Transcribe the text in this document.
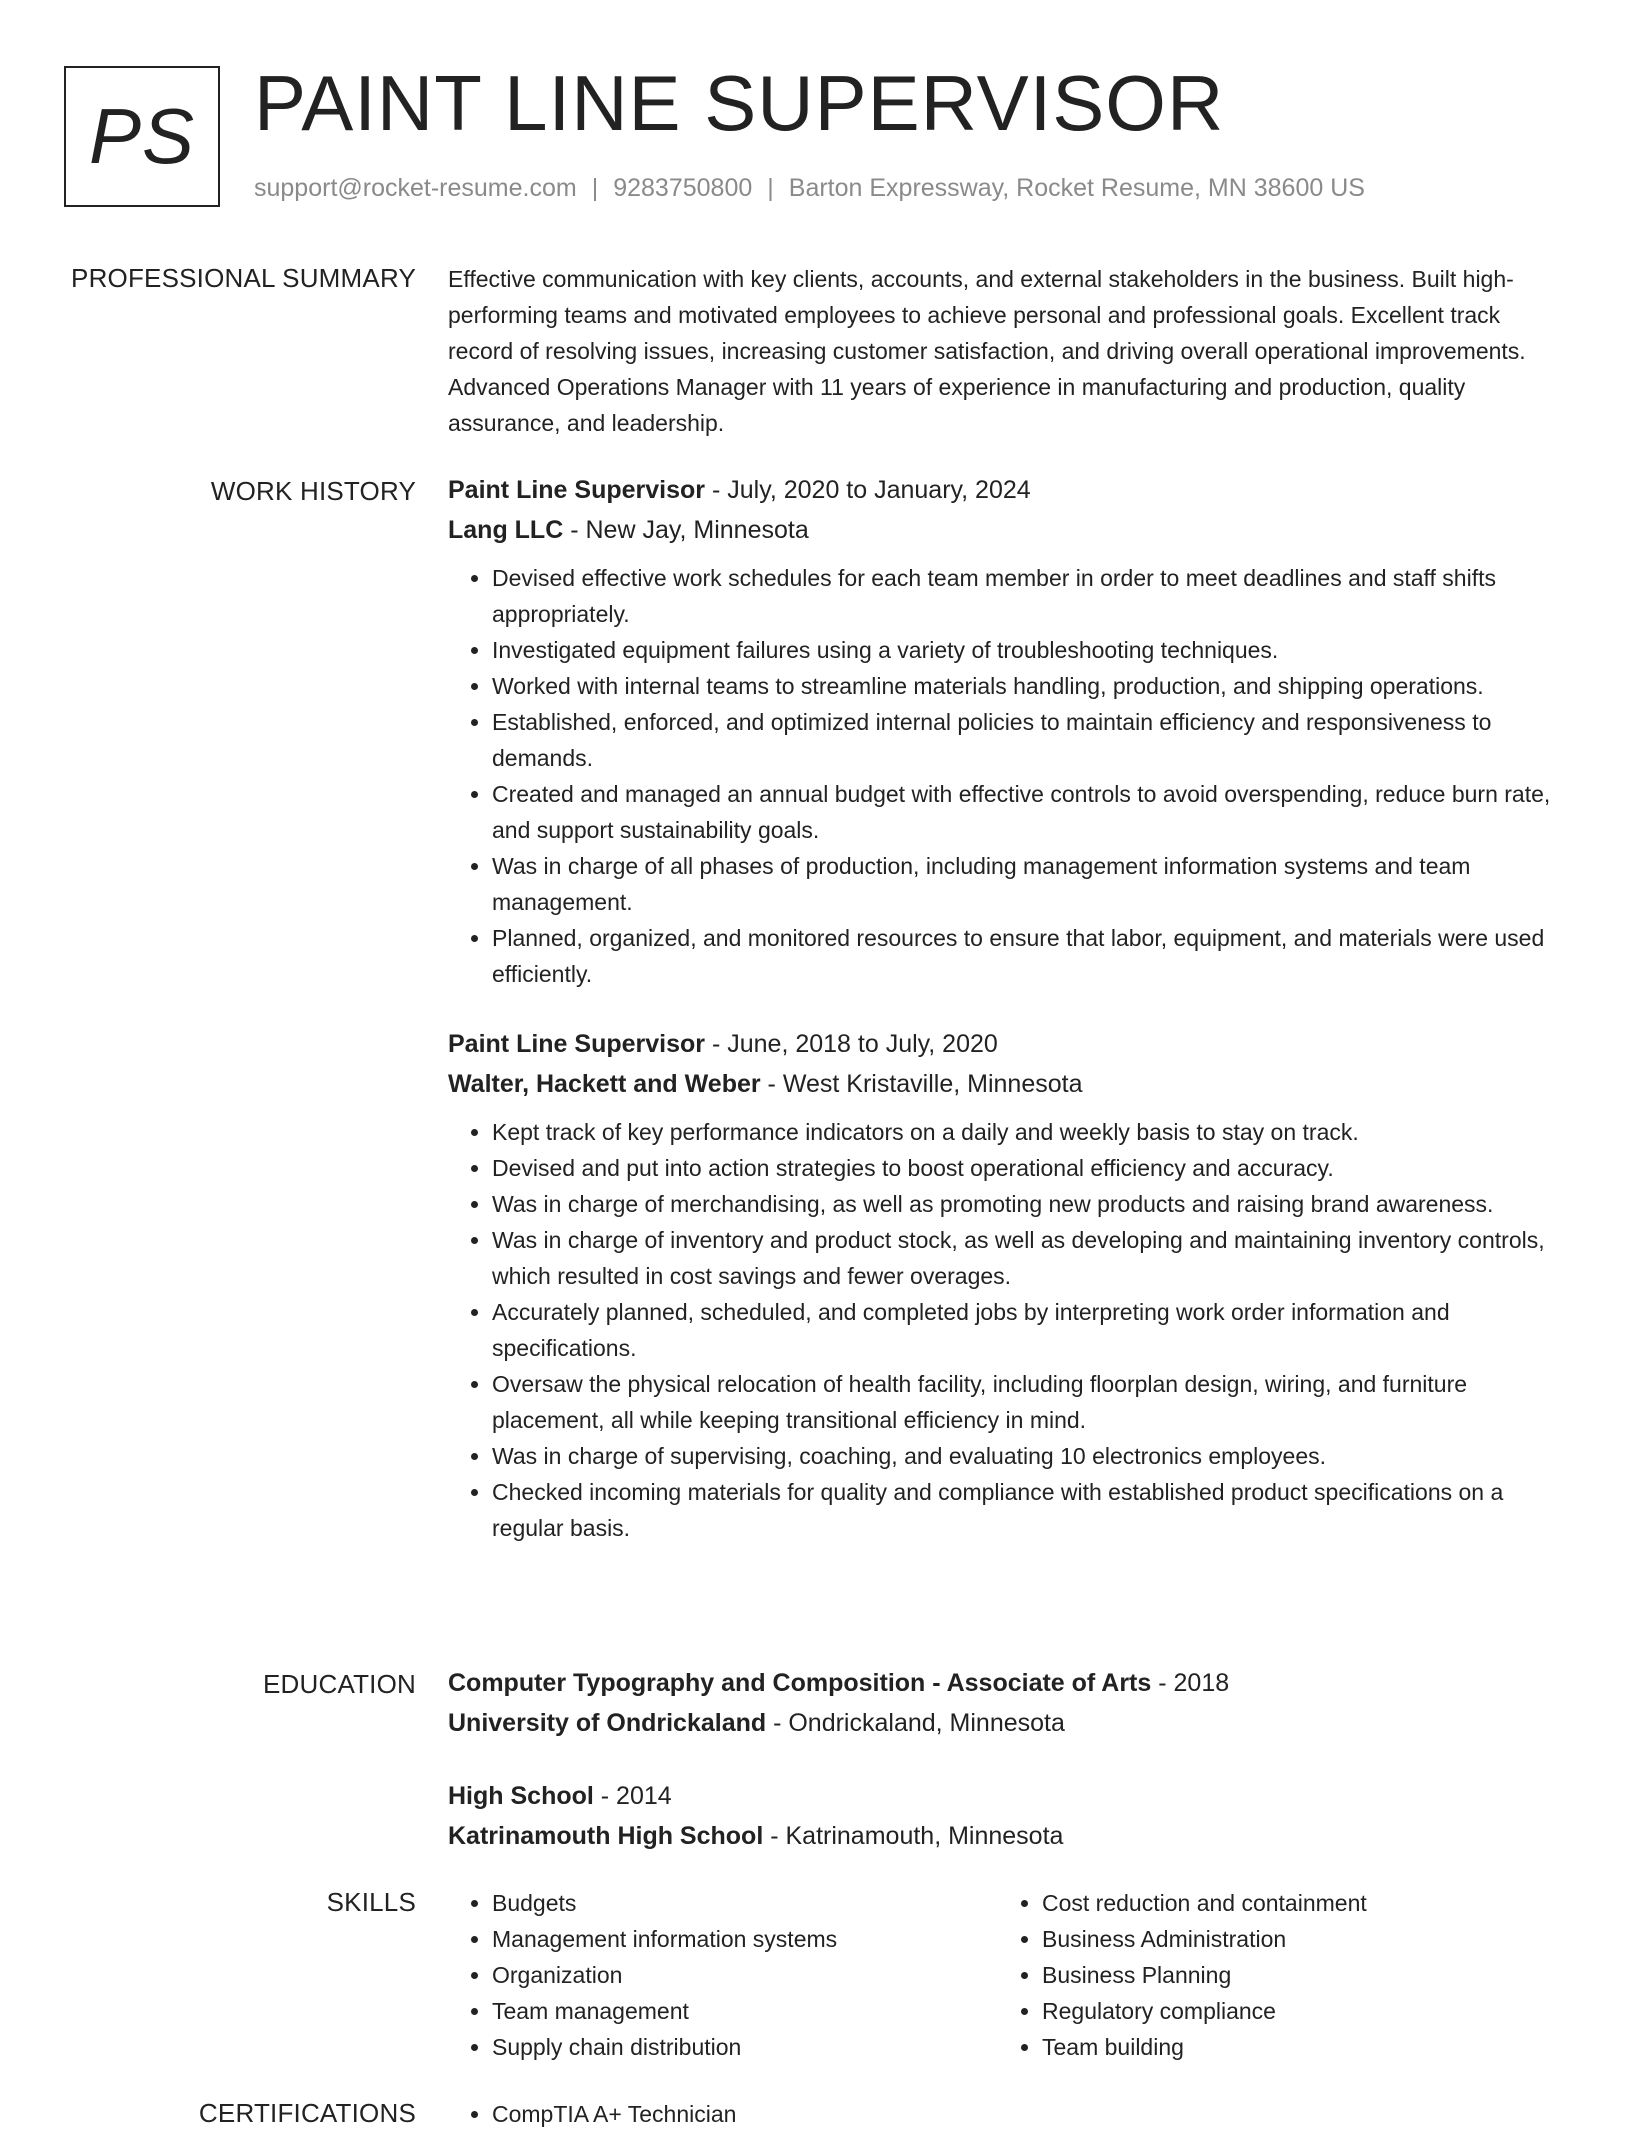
PS PAINT LINE SUPERVISOR
support@rocket-resume.com | 9283750800 | Barton Expressway, Rocket Resume, MN 38600 US
PROFESSIONAL SUMMARY Effective communication with key clients, accounts, and external stakeholders in the business. Built high-performing teams and motivated employees to achieve personal and professional goals. Excellent track record of resolving issues, increasing customer satisfaction, and driving overall operational improvements. Advanced Operations Manager with 11 years of experience in manufacturing and production, quality assurance, and leadership.

WORK HISTORY Paint Line Supervisor - July, 2020 to January, 2024
Lang LLC - New Jay, Minnesota
• Devised effective work schedules for each team member in order to meet deadlines and staff shifts appropriately.
• Investigated equipment failures using a variety of troubleshooting techniques.
• Worked with internal teams to streamline materials handling, production, and shipping operations.
• Established, enforced, and optimized internal policies to maintain efficiency and responsiveness to demands.
• Created and managed an annual budget with effective controls to avoid overspending, reduce burn rate, and support sustainability goals.
• Was in charge of all phases of production, including management information systems and team management.
• Planned, organized, and monitored resources to ensure that labor, equipment, and materials were used efficiently.
Paint Line Supervisor - June, 2018 to July, 2020
Walter, Hackett and Weber - West Kristaville, Minnesota
• Kept track of key performance indicators on a daily and weekly basis to stay on track.
• Devised and put into action strategies to boost operational efficiency and accuracy.
• Was in charge of merchandising, as well as promoting new products and raising brand awareness.
• Was in charge of inventory and product stock, as well as developing and maintaining inventory controls, which resulted in cost savings and fewer overages.
• Accurately planned, scheduled, and completed jobs by interpreting work order information and specifications.
• Oversaw the physical relocation of health facility, including floorplan design, wiring, and furniture placement, all while keeping transitional efficiency in mind.
• Was in charge of supervising, coaching, and evaluating 10 electronics employees.
• Checked incoming materials for quality and compliance with established product specifications on a regular basis.
EDUCATION Computer Typography and Composition - Associate of Arts - 2018
University of Ondrickaland - Ondrickaland, Minnesota
High School - 2014
Katrinamouth High School - Katrinamouth, Minnesota
SKILLS	• Budgets
• Management information systems
• Organization
• Team management
• Supply chain distribution
• Cost reduction and containment
• Business Administration
• Business Planning
• Regulatory compliance
• Team building
CERTIFICATIONS	• CompTIA A+ Technician
